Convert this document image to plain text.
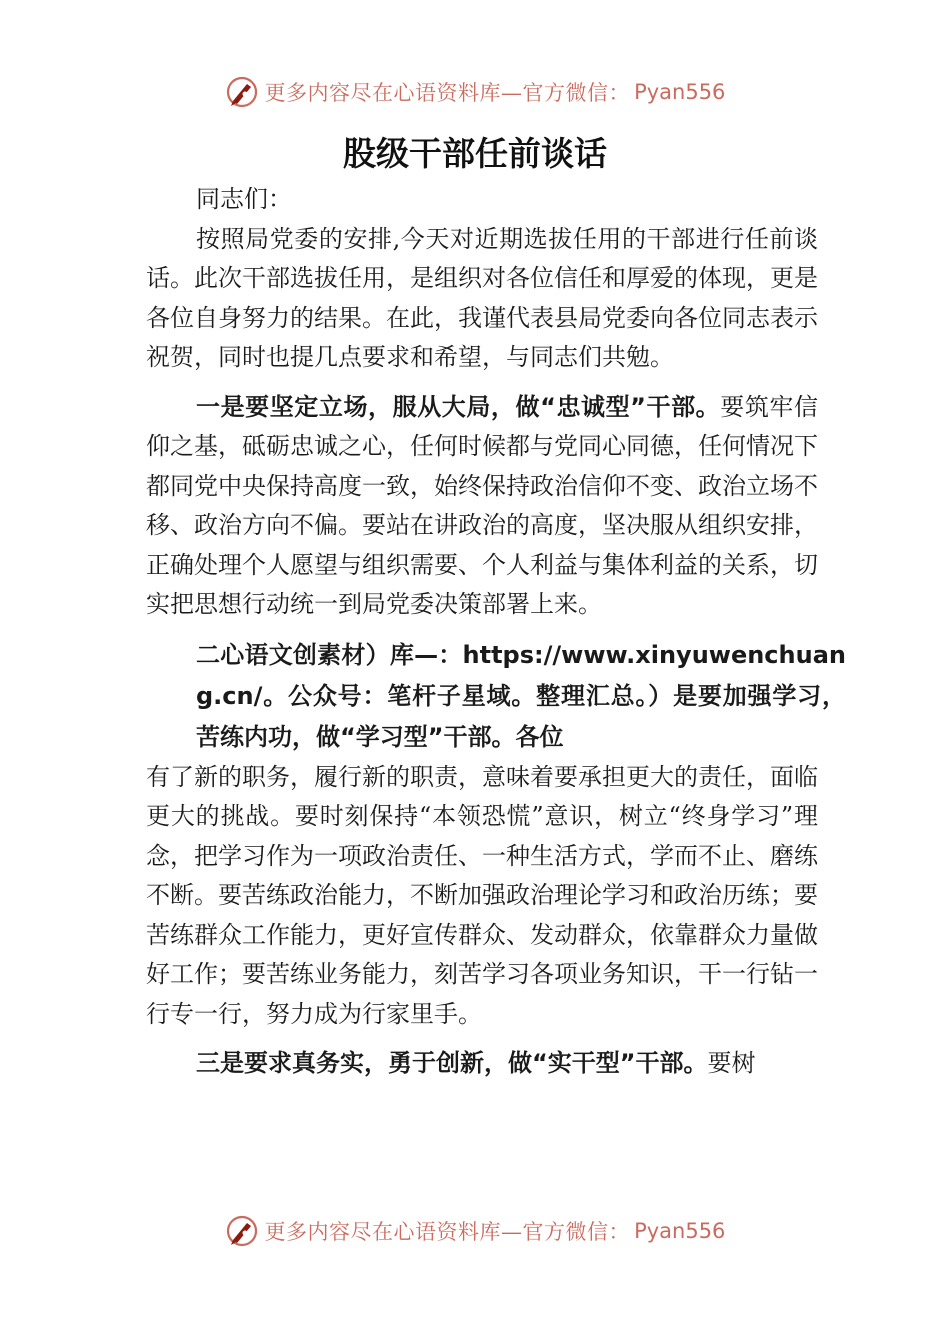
更多内容尽在心语资料库—官方微信： Pyan556
股级干部任前谈话

同志们：

按照局党委的安排,今天对近期选拔任用的干部进行任前谈话。此次干部选拔任用，是组织对各位信任和厚爱的体现，更是各位自身努力的结果。在此，我谨代表县局党委向各位同志表示祝贺，同时也提几点要求和希望，与同志们共勉。

一是要坚定立场，服从大局，做“忠诚型”干部。要筑牢信仰之基，砥砺忠诚之心，任何时候都与党同心同德，任何情况下都同党中央保持高度一致，始终保持政治信仰不变、政治立场不移、政治方向不偏。要站在讲政治的高度，坚决服从组织安排，正确处理个人愿望与组织需要、个人利益与集体利益的关系，切实把思想行动统一到局党委决策部署上来。

二心语文创素材）库—：https://www.xinyuwenchuang.cn/。公众号：笔杆子星域。整理汇总。）是要加强学习，苦练内功，做“学习型”干部。各位

有了新的职务，履行新的职责，意味着要承担更大的责任，面临更大的挑战。要时刻保持“本领恐慌”意识，树立“终身学习”理念，把学习作为一项政治责任、一种生活方式，学而不止、磨练不断。要苦练政治能力，不断加强政治理论学习和政治历练；要苦练群众工作能力，更好宣传群众、发动群众，依靠群众力量做好工作；要苦练业务能力，刻苦学习各项业务知识，干一行钻一行专一行，努力成为行家里手。

三是要求真务实，勇于创新，做“实干型”干部。要树

更多内容尽在心语资料库—官方微信： Pyan556
